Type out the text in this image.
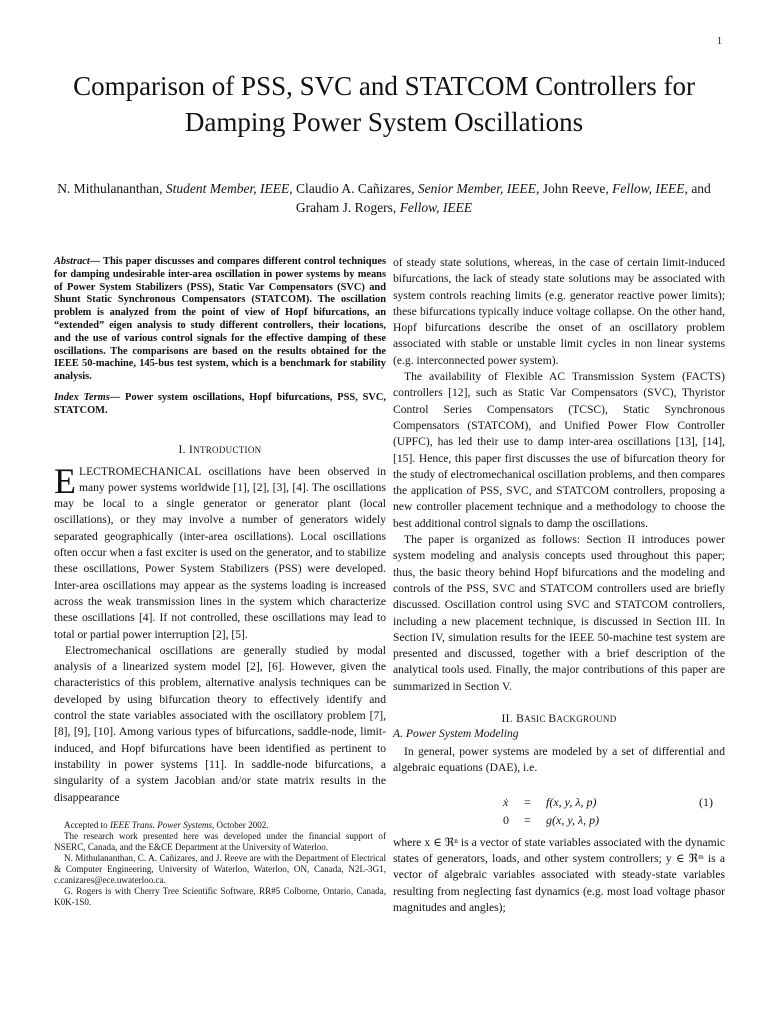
1
Comparison of PSS, SVC and STATCOM Controllers for Damping Power System Oscillations
N. Mithulananthan, Student Member, IEEE, Claudio A. Cañizares, Senior Member, IEEE, John Reeve, Fellow, IEEE, and Graham J. Rogers, Fellow, IEEE

Abstract— This paper discusses and compares different control techniques for damping undesirable inter-area oscillation in power systems by means of Power System Stabilizers (PSS), Static Var Compensators (SVC) and Shunt Static Synchronous Compensators (STATCOM). The oscillation problem is analyzed from the point of view of Hopf bifurcations, an “extended” eigen analysis to study different controllers, their locations, and the use of various control signals for the effective damping of these oscillations. The comparisons are based on the results obtained for the IEEE 50-machine, 145-bus test system, which is a benchmark for stability analysis.

Index Terms— Power system oscillations, Hopf bifurcations, PSS, SVC, STATCOM.

I. INTRODUCTION

ELECTROMECHANICAL oscillations have been observed in many power systems worldwide [1], [2], [3], [4]. The oscillations may be local to a single generator or generator plant (local oscillations), or they may involve a number of generators widely separated geographically (inter-area oscillations). Local oscillations often occur when a fast exciter is used on the generator, and to stabilize these oscillations, Power System Stabilizers (PSS) were developed. Inter-area oscillations may appear as the systems loading is increased across the weak transmission lines in the system which characterize these oscillations [4]. If not controlled, these oscillations may lead to total or partial power interruption [2], [5].

Electromechanical oscillations are generally studied by modal analysis of a linearized system model [2], [6]. However, given the characteristics of this problem, alternative analysis techniques can be developed by using bifurcation theory to effectively identify and control the state variables associated with the oscillatory problem [7], [8], [9], [10]. Among various types of bifurcations, saddle-node, limit-induced, and Hopf bifurcations have been identified as pertinent to instability in power systems [11]. In saddle-node bifurcations, a singularity of a system Jacobian and/or state matrix results in the disappearance

Accepted to IEEE Trans. Power Systems, October 2002.

The research work presented here was developed under the financial support of NSERC, Canada, and the E&CE Department at the University of Waterloo.

N. Mithulananthan, C. A. Cañizares, and J. Reeve are with the Department of Electrical & Computer Engineering, University of Waterloo, Waterloo, ON, Canada, N2L-3G1, c.canizares@ece.uwaterloo.ca.

G. Rogers is with Cherry Tree Scientific Software, RR#5 Colborne, Ontario, Canada, K0K-1S0.

of steady state solutions, whereas, in the case of certain limit-induced bifurcations, the lack of steady state solutions may be associated with system controls reaching limits (e.g. generator reactive power limits); these bifurcations typically induce voltage collapse. On the other hand, Hopf bifurcations describe the onset of an oscillatory problem associated with stable or unstable limit cycles in non linear systems (e.g. interconnected power system).

The availability of Flexible AC Transmission System (FACTS) controllers [12], such as Static Var Compensators (SVC), Thyristor Control Series Compensators (TCSC), Static Synchronous Compensators (STATCOM), and Unified Power Flow Controller (UPFC), has led their use to damp inter-area oscillations [13], [14], [15]. Hence, this paper first discusses the use of bifurcation theory for the study of electromechanical oscillation problems, and then compares the application of PSS, SVC, and STATCOM controllers, proposing a new controller placement technique and a methodology to choose the best additional control signals to damp the oscillations.

The paper is organized as follows: Section II introduces power system modeling and analysis concepts used throughout this paper; thus, the basic theory behind Hopf bifurcations and the modeling and controls of the PSS, SVC and STATCOM controllers used are briefly discussed. Oscillation control using SVC and STATCOM controllers, including a new placement technique, is discussed in Section III. In Section IV, simulation results for the IEEE 50-machine test system are presented and discussed, together with a brief description of the analytical tools used. Finally, the major contributions of this paper are summarized in Section V.

II. BASIC BACKGROUND
A. Power System Modeling

In general, power systems are modeled by a set of differential and algebraic equations (DAE), i.e.

ẋ = f(x, y, λ, p)
0 = g(x, y, λ, p)
(1)

where x ∈ ℜⁿ is a vector of state variables associated with the dynamic states of generators, loads, and other system controllers; y ∈ ℜᵐ is a vector of algebraic variables associated with steady-state variables resulting from neglecting fast dynamics (e.g. most load voltage phasor magnitudes and angles);
